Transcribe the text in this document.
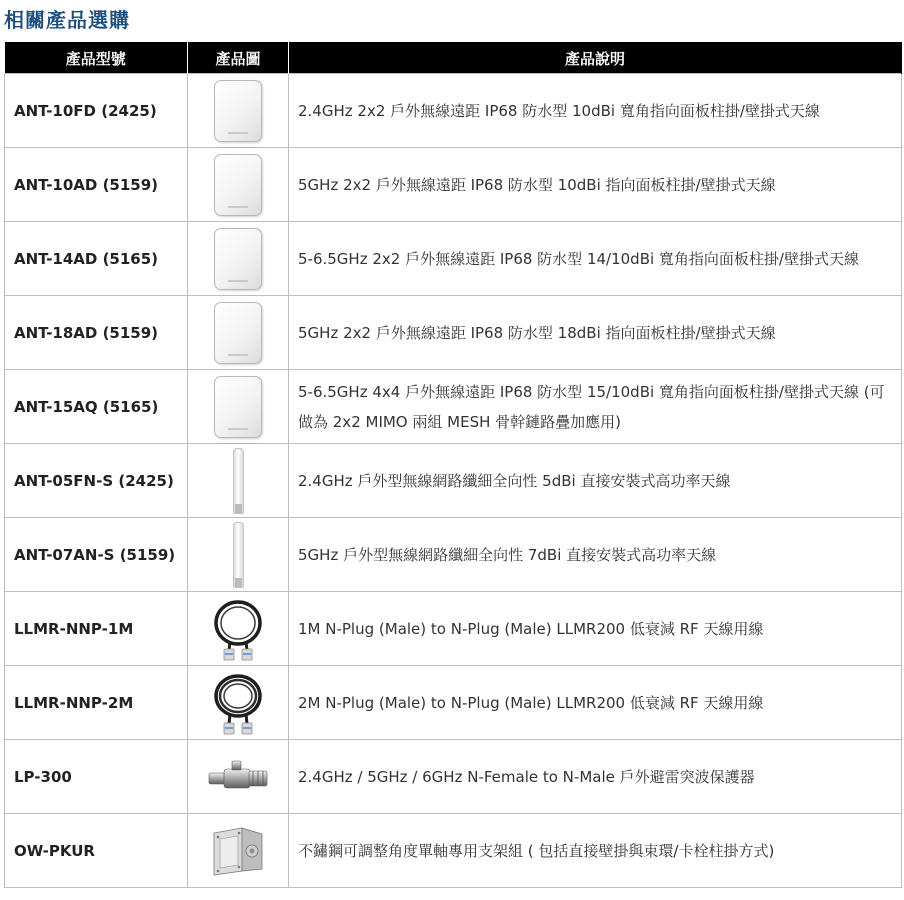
相關產品選購
產品型號	產品圖	產品說明
ANT-10FD (2425)		2.4GHz 2x2 戶外無線遠距 IP68 防水型 10dBi 寬角指向面板柱掛/壁掛式天線
ANT-10AD (5159)		5GHz 2x2 戶外無線遠距 IP68 防水型 10dBi 指向面板柱掛/壁掛式天線
ANT-14AD (5165)		5-6.5GHz 2x2 戶外無線遠距 IP68 防水型 14/10dBi 寬角指向面板柱掛/壁掛式天線
ANT-18AD (5159)		5GHz 2x2 戶外無線遠距 IP68 防水型 18dBi 指向面板柱掛/壁掛式天線
ANT-15AQ (5165)		5-6.5GHz 4x4 戶外無線遠距 IP68 防水型 15/10dBi 寬角指向面板柱掛/壁掛式天線 (可做為 2x2 MIMO 兩組 MESH 骨幹鏈路疊加應用)
ANT-05FN-S (2425)		2.4GHz 戶外型無線網路纖細全向性 5dBi 直接安裝式高功率天線
ANT-07AN-S (5159)		5GHz 戶外型無線網路纖細全向性 7dBi 直接安裝式高功率天線
LLMR-NNP-1M		1M N-Plug (Male) to N-Plug (Male) LLMR200 低衰減 RF 天線用線
LLMR-NNP-2M		2M N-Plug (Male) to N-Plug (Male) LLMR200 低衰減 RF 天線用線
LP-300		2.4GHz / 5GHz / 6GHz N-Female to N-Male 戶外避雷突波保護器
OW-PKUR		不鏽鋼可調整角度單軸專用支架組 ( 包括直接壁掛與束環/卡栓柱掛方式)
